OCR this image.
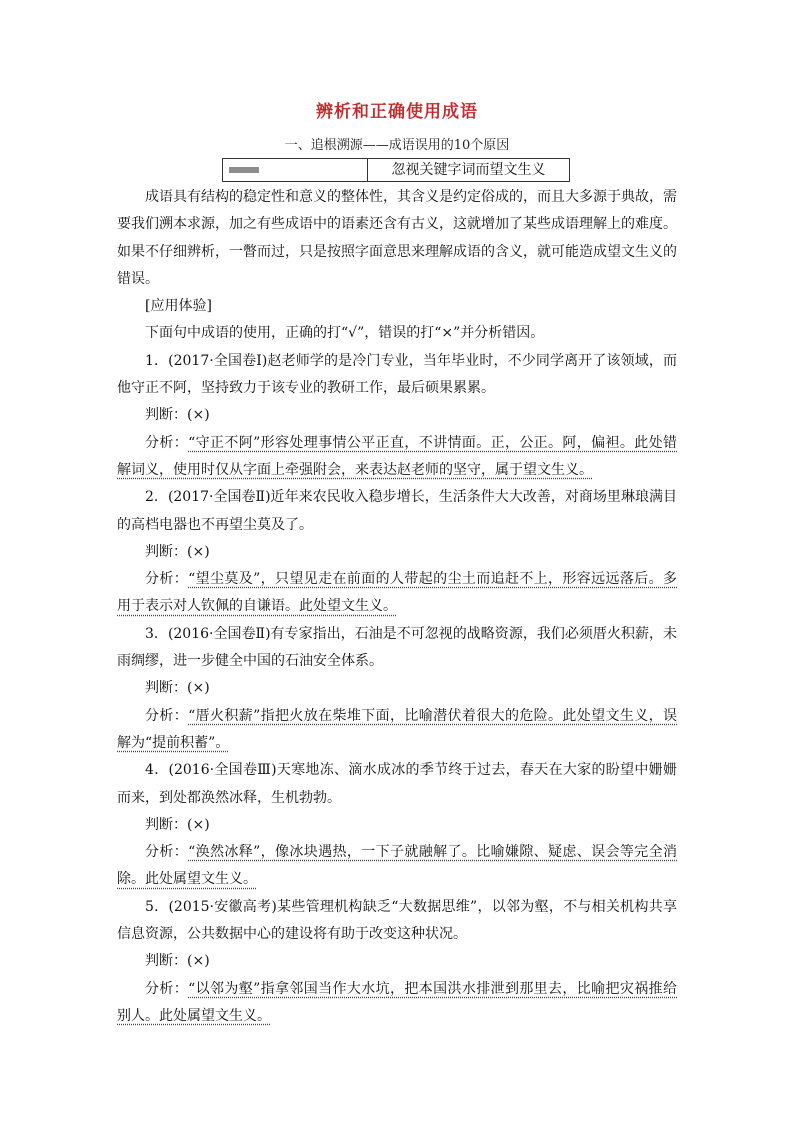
辨析和正确使用成语
一、追根溯源——成语误用的10个原因
忽视关键字词而望文生义

成语具有结构的稳定性和意义的整体性，其含义是约定俗成的，而且大多源于典故，需要我们溯本求源，加之有些成语中的语素还含有古义，这就增加了某些成语理解上的难度。如果不仔细辨析，一瞥而过，只是按照字面意思来理解成语的含义，就可能造成望文生义的错误。

[应用体验]

下面句中成语的使用，正确的打“√”，错误的打“×”并分析错因。

1．(2017·全国卷Ⅰ)赵老师学的是冷门专业，当年毕业时，不少同学离开了该领域，而他守正不阿，坚持致力于该专业的教研工作，最后硕果累累。

判断：(×)

分析：“守正不阿”形容处理事情公平正直，不讲情面。正，公正。阿，偏袒。此处错解词义，使用时仅从字面上牵强附会，来表达赵老师的坚守，属于望文生义。

2．(2017·全国卷Ⅱ)近年来农民收入稳步增长，生活条件大大改善，对商场里琳琅满目的高档电器也不再望尘莫及了。

判断：(×)

分析：“望尘莫及”，只望见走在前面的人带起的尘土而追赶不上，形容远远落后。多用于表示对人钦佩的自谦语。此处望文生义。

3．(2016·全国卷Ⅱ)有专家指出，石油是不可忽视的战略资源，我们必须厝火积薪，未雨绸缪，进一步健全中国的石油安全体系。

判断：(×)

分析：“厝火积薪”指把火放在柴堆下面，比喻潜伏着很大的危险。此处望文生义，误解为“提前积蓄”。

4．(2016·全国卷Ⅲ)天寒地冻、滴水成冰的季节终于过去，春天在大家的盼望中姗姗而来，到处都涣然冰释，生机勃勃。

判断：(×)

分析：“涣然冰释”，像冰块遇热，一下子就融解了。比喻嫌隙、疑虑、误会等完全消除。此处属望文生义。

5．(2015·安徽高考)某些管理机构缺乏“大数据思维”，以邻为壑，不与相关机构共享信息资源，公共数据中心的建设将有助于改变这种状况。

判断：(×)

分析：“以邻为壑”指拿邻国当作大水坑，把本国洪水排泄到那里去，比喻把灾祸推给别人。此处属望文生义。
